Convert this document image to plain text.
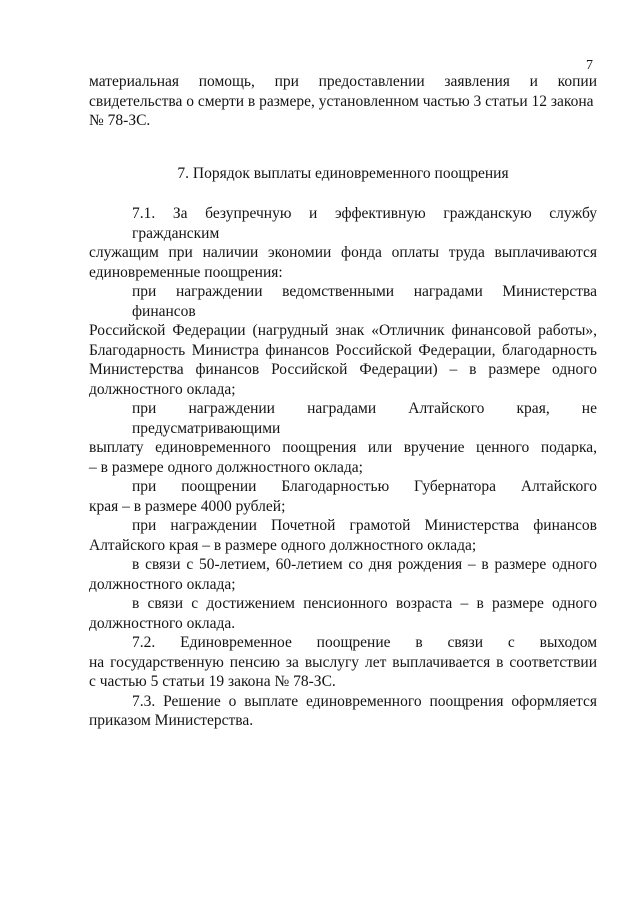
7
материальная помощь, при предоставлении заявления и копии
свидетельства о смерти в размере, установленном частью 3 статьи 12 закона
№ 78-ЗС.
7. Порядок выплаты единовременного поощрения
7.1. За безупречную и эффективную гражданскую службу гражданским
служащим при наличии экономии фонда оплаты труда выплачиваются
единовременные поощрения:
при награждении ведомственными наградами Министерства финансов
Российской Федерации (нагрудный знак «Отличник финансовой работы»,
Благодарность Министра финансов Российской Федерации, благодарность
Министерства финансов Российской Федерации) – в размере одного
должностного оклада;
при награждении наградами Алтайского края, не предусматривающими
выплату единовременного поощрения или вручение ценного подарка,
– в размере одного должностного оклада;
при поощрении Благодарностью Губернатора Алтайского
края – в размере 4000 рублей;
при награждении Почетной грамотой Министерства финансов
Алтайского края – в размере одного должностного оклада;
в связи с 50-летием, 60-летием со дня рождения – в размере одного
должностного оклада;
в связи с достижением пенсионного возраста – в размере одного
должностного оклада.
7.2. Единовременное поощрение в связи с выходом
на государственную пенсию за выслугу лет выплачивается в соответствии
с частью 5 статьи 19 закона № 78-ЗС.
7.3. Решение о выплате единовременного поощрения оформляется
приказом Министерства.
